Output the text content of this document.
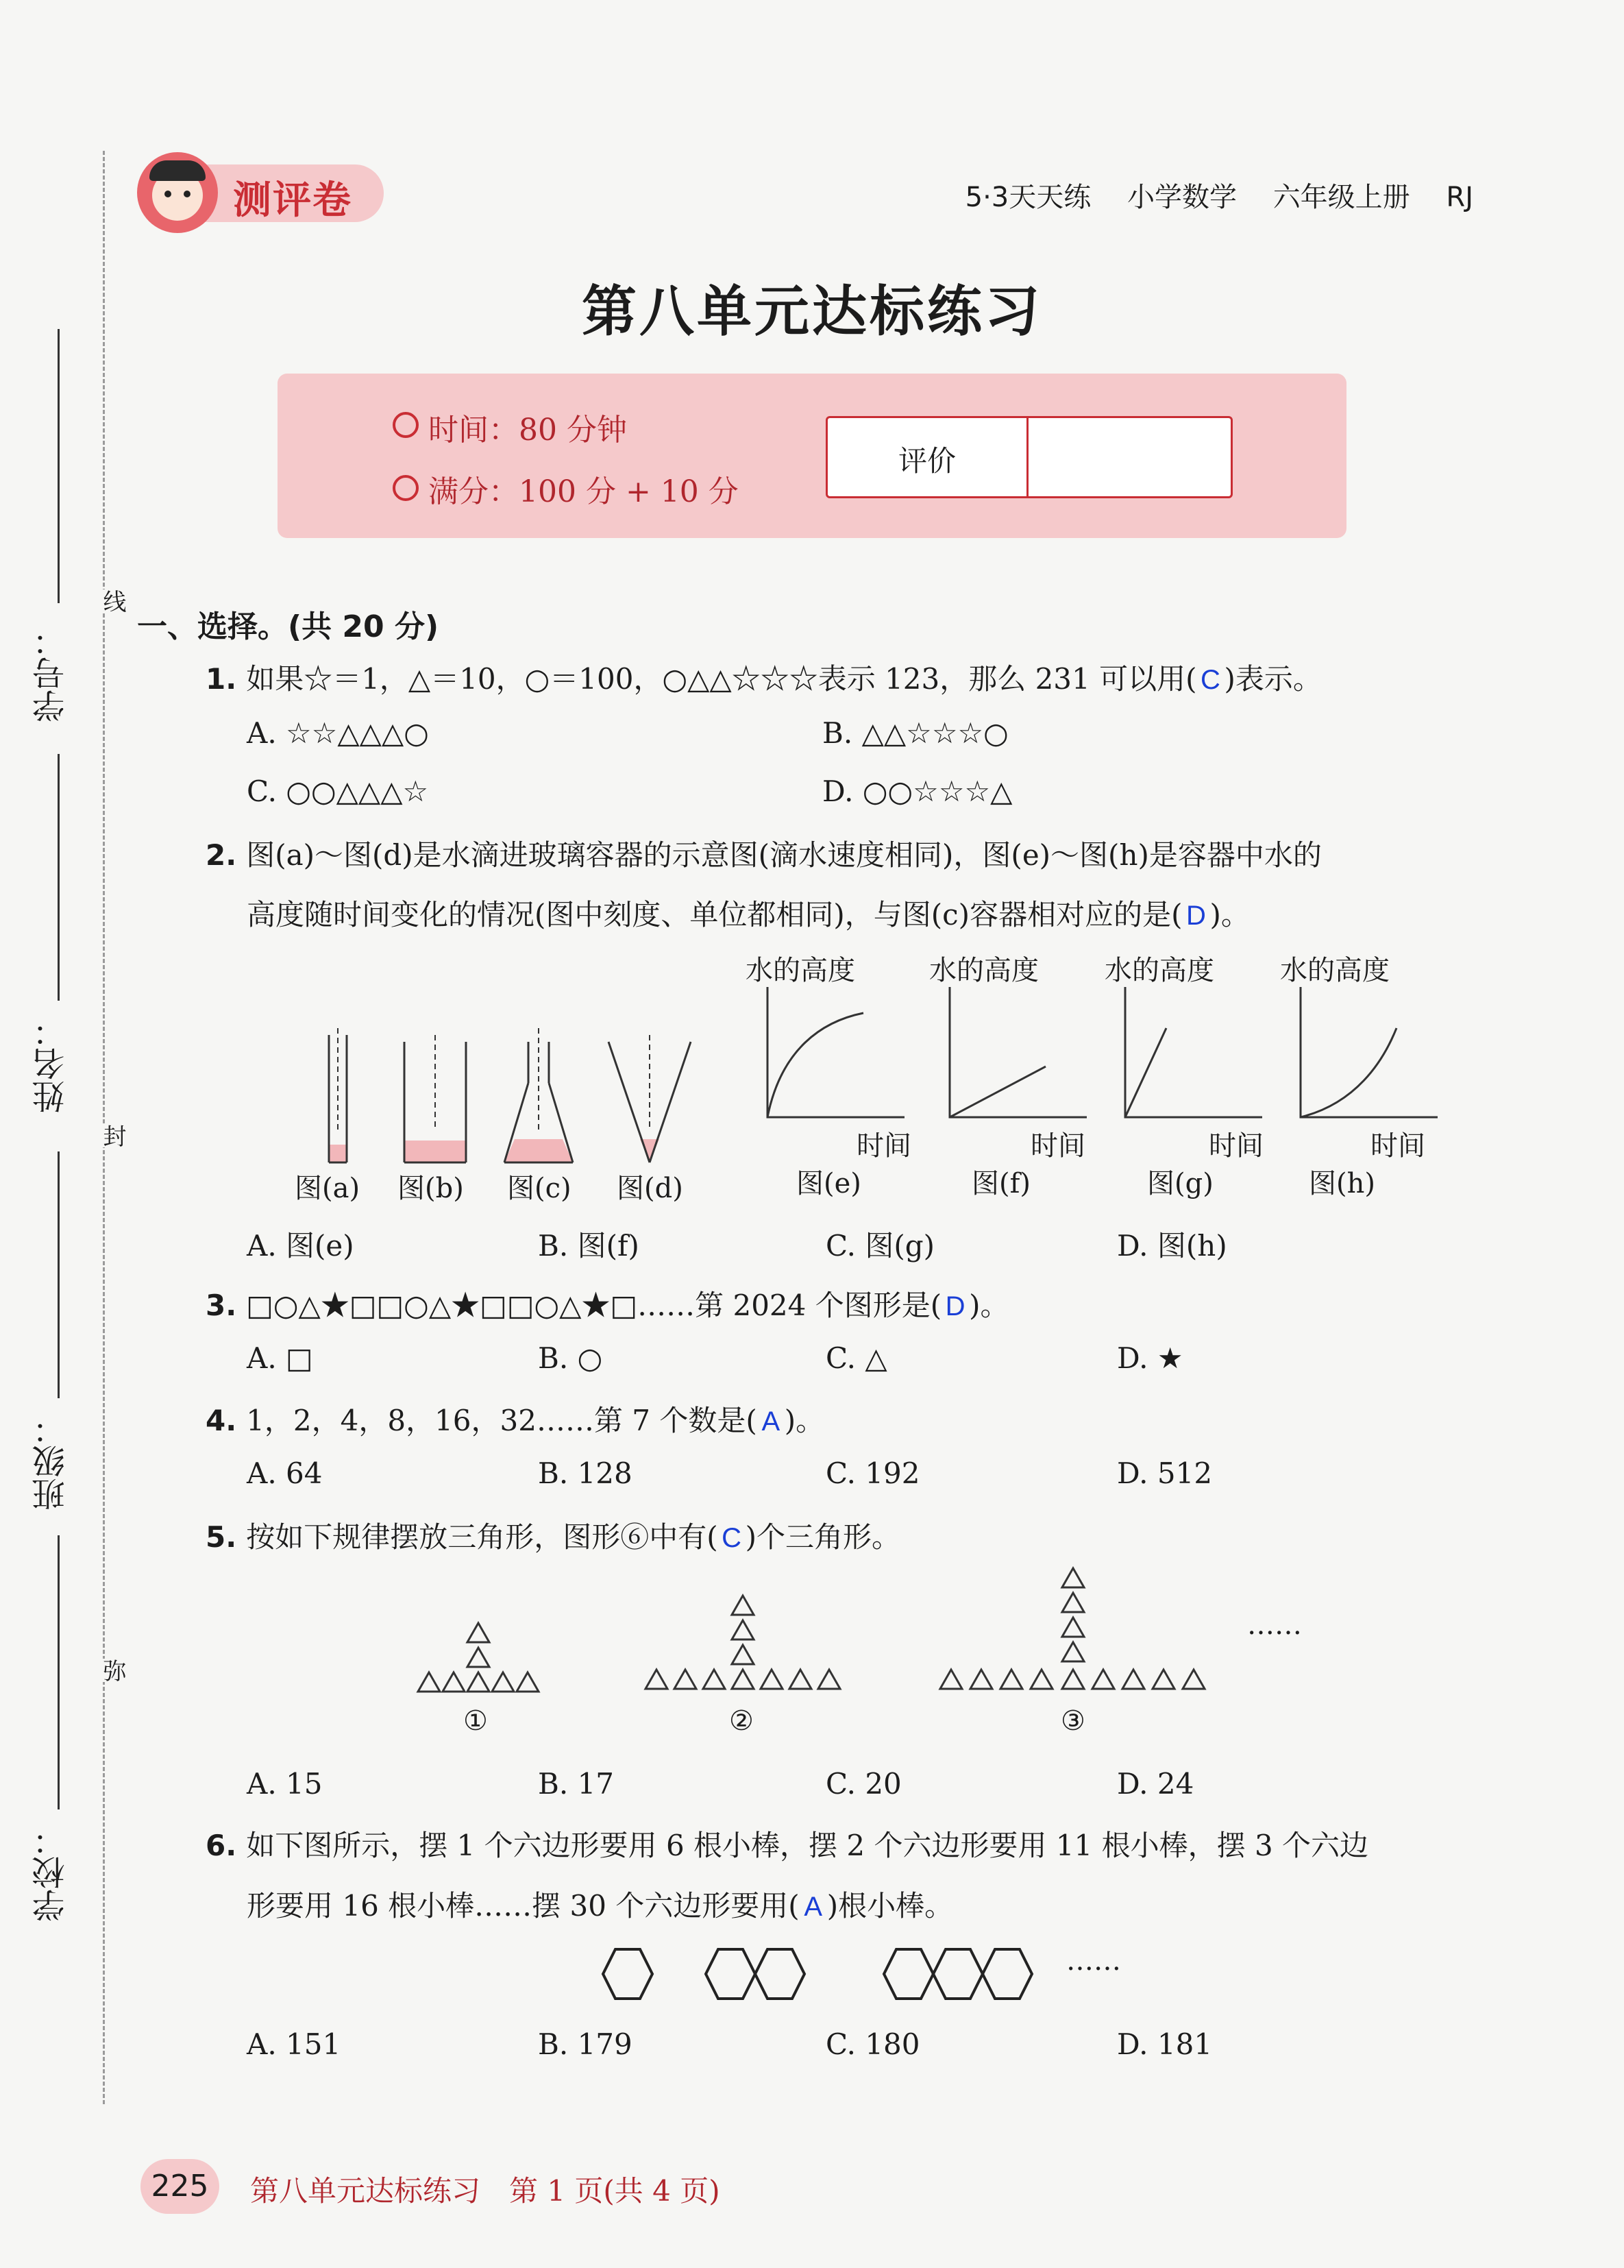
学号：
姓名：
班级：
学校：
线
封
弥
测评卷	5·3天天练 小学数学 六年级上册 RJ
第八单元达标练习
时间：80 分钟
满分：100 分 + 10 分
评价
一、选择。(共 20 分)
1. 如果☆＝1，△＝10，○＝100，○△△☆☆☆表示 123，那么 231 可以用( C )表示。
A. ☆☆△△△○	B. △△☆☆☆○
C. ○○△△△☆	D. ○○☆☆☆△
2. 图(a)～图(d)是水滴进玻璃容器的示意图(滴水速度相同)，图(e)～图(h)是容器中水的
高度随时间变化的情况(图中刻度、单位都相同)，与图(c)容器相对应的是( D )。
图(a) 图(b) 图(c) 图(d)
水的高度	水的高度 水的高度 水的高度
时间	时间	时间	时间
图(e)	图(f)	图(g)	图(h)
A. 图(e)	B. 图(f)	C. 图(g)	D. 图(h)
3. □○△★□□○△★□□○△★□……第 2024 个图形是( D )。
A. □	B. ○	C. △	D. ★
4. 1，2，4，8，16，32……第 7 个数是( A )。
A. 64	B. 128	C. 192	D. 512
5. 按如下规律摆放三角形，图形⑥中有( C )个三角形。
①	②	③
……
A. 15	B. 17	C. 20	D. 24
6. 如下图所示，摆 1 个六边形要用 6 根小棒，摆 2 个六边形要用 11 根小棒，摆 3 个六边
形要用 16 根小棒……摆 30 个六边形要用( A )根小棒。
……
A. 151	B. 179	C. 180	D. 181
225	第八单元达标练习　第 1 页(共 4 页)
